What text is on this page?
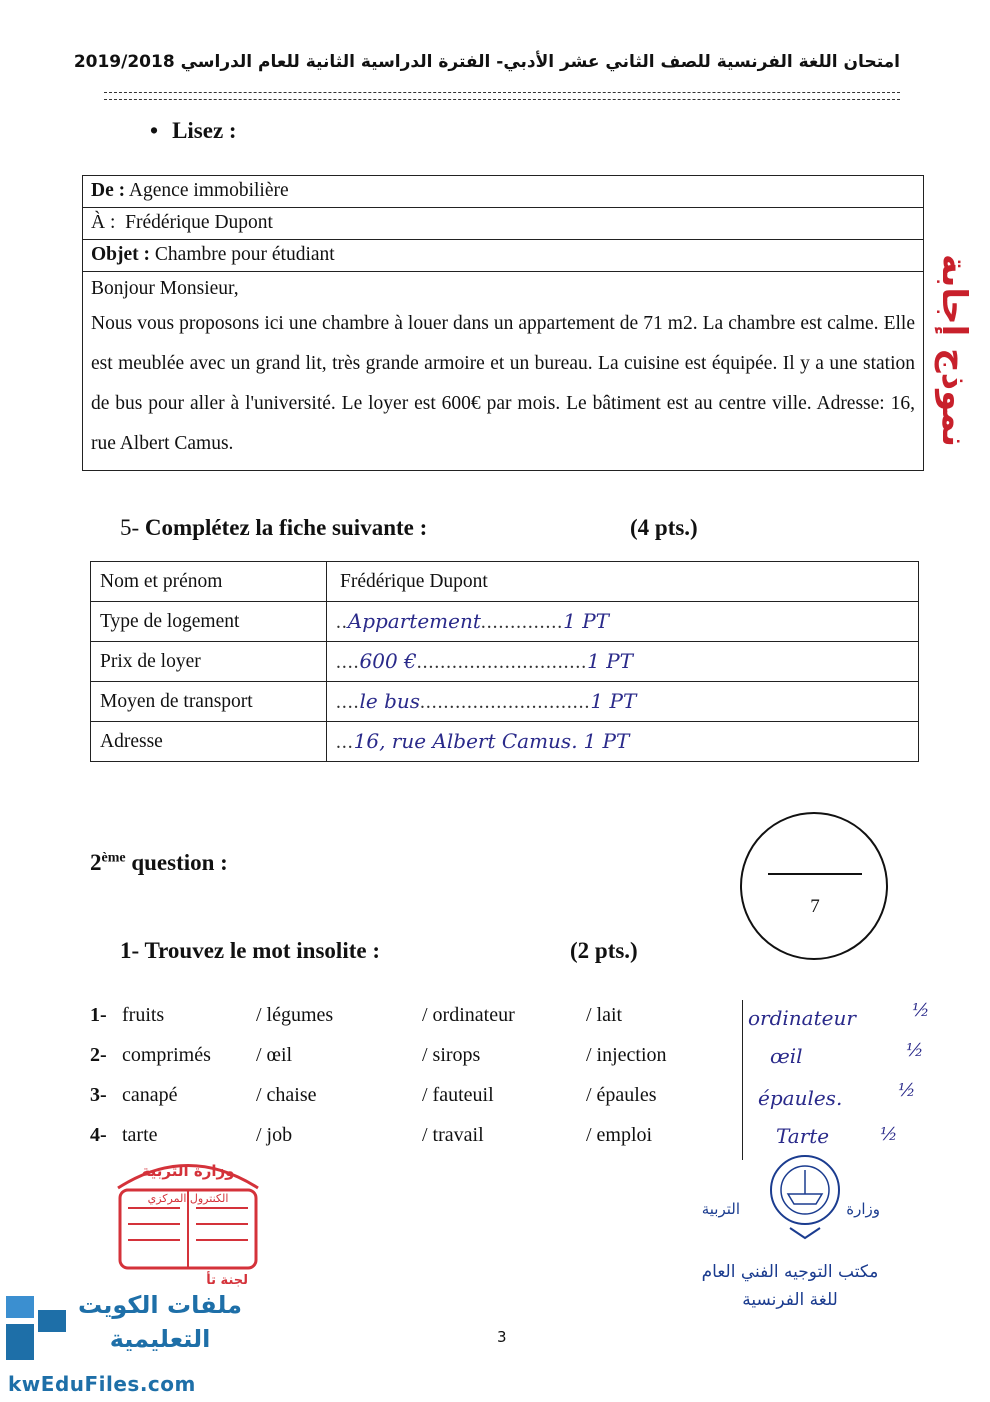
امتحان اللغة الفرنسية للصف الثاني عشر الأدبي- الفترة الدراسية الثانية للعام الدراسي 2019/2018
• Lisez :
De : Agence immobilière
À : Frédérique Dupont
Objet : Chambre pour étudiant
Bonjour Monsieur,
Nous vous proposons ici une chambre à louer dans un appartement de 71 m2. La chambre est calme. Elle est meublée avec un grand lit, très grande armoire et un bureau. La cuisine est équipée. Il y a une station de bus pour aller à l'université. Le loyer est 600€ par mois. Le bâtiment est au centre ville. Adresse: 16, rue Albert Camus.	نموذج إجابة
5- Complétez la fiche suivante :	(4 pts.)
Nom et prénom	Frédérique Dupont
Type de logement	..Appartement..............1 PT
Prix de loyer	....600 €.............................1 PT
Moyen de transport	....le bus.............................1 PT
Adresse	...16, rue Albert Camus. 1 PT
2ème question :
7
1- Trouvez le mot insolite :	(2 pts.)
1- fruits	/ légumes	/ ordinateur	/ lait
2- comprimés / œil	/ sirops	/ injection
3- canapé	/ chaise	/ fauteuil	/ épaules
4- tarte	/ job	/ travail	/ emploi
ordinateur	½
œil	½
épaules.	½
Tarte	½
وزارة التربية
الكنترول المركزي
لجنة تأ
التربية	وزارة
مكتب التوجيه الفني العام
للغة الفرنسية
3
ملفات الكويت
التعليمية
kwEduFiles.com
